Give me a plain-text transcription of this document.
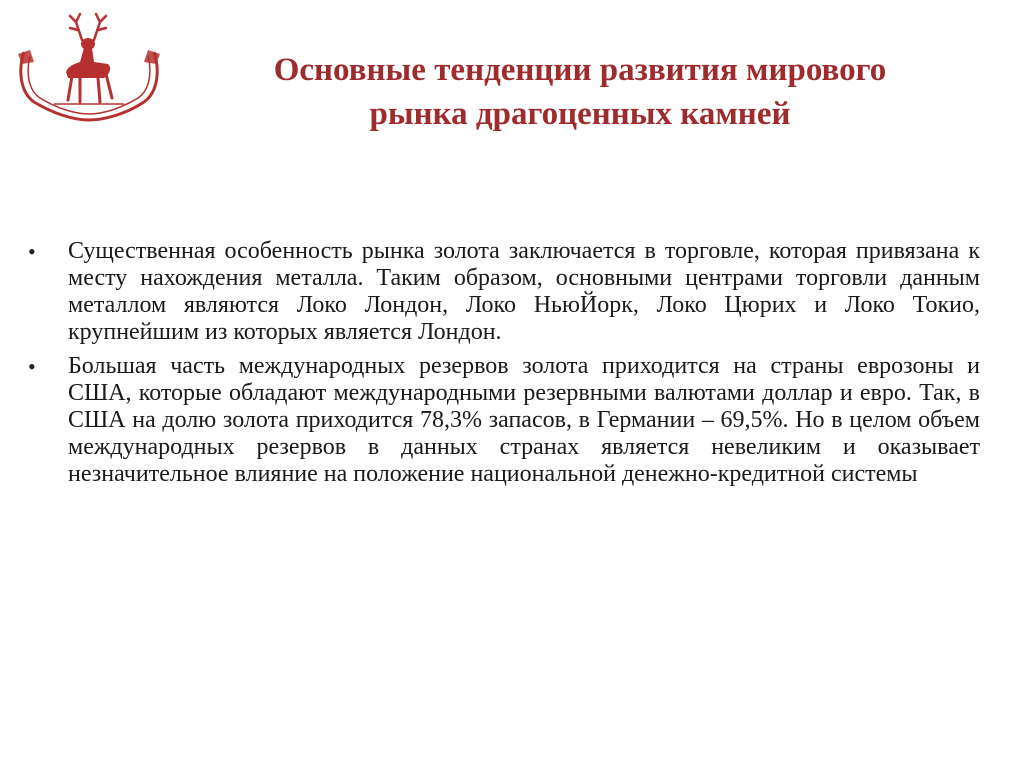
Основные тенденции развития мирового
рынка драгоценных камней
• Существенная особенность рынка золота заключается в торговле, которая привязана к месту нахождения металла. Таким образом, основными центрами торговли данным металлом являются Локо Лондон, Локо НьюЙорк, Локо Цюрих и Локо Токио, крупнейшим из которых является Лондон.
• Большая часть международных резервов золота приходится на страны еврозоны и США, которые обладают международными резервными валютами доллар и евро. Так, в США на долю золота приходится 78,3% запасов, в Германии – 69,5%. Но в целом объем международных резервов в данных странах является невеликим и оказывает незначительное влияние на положение национальной денежно-кредитной системы
